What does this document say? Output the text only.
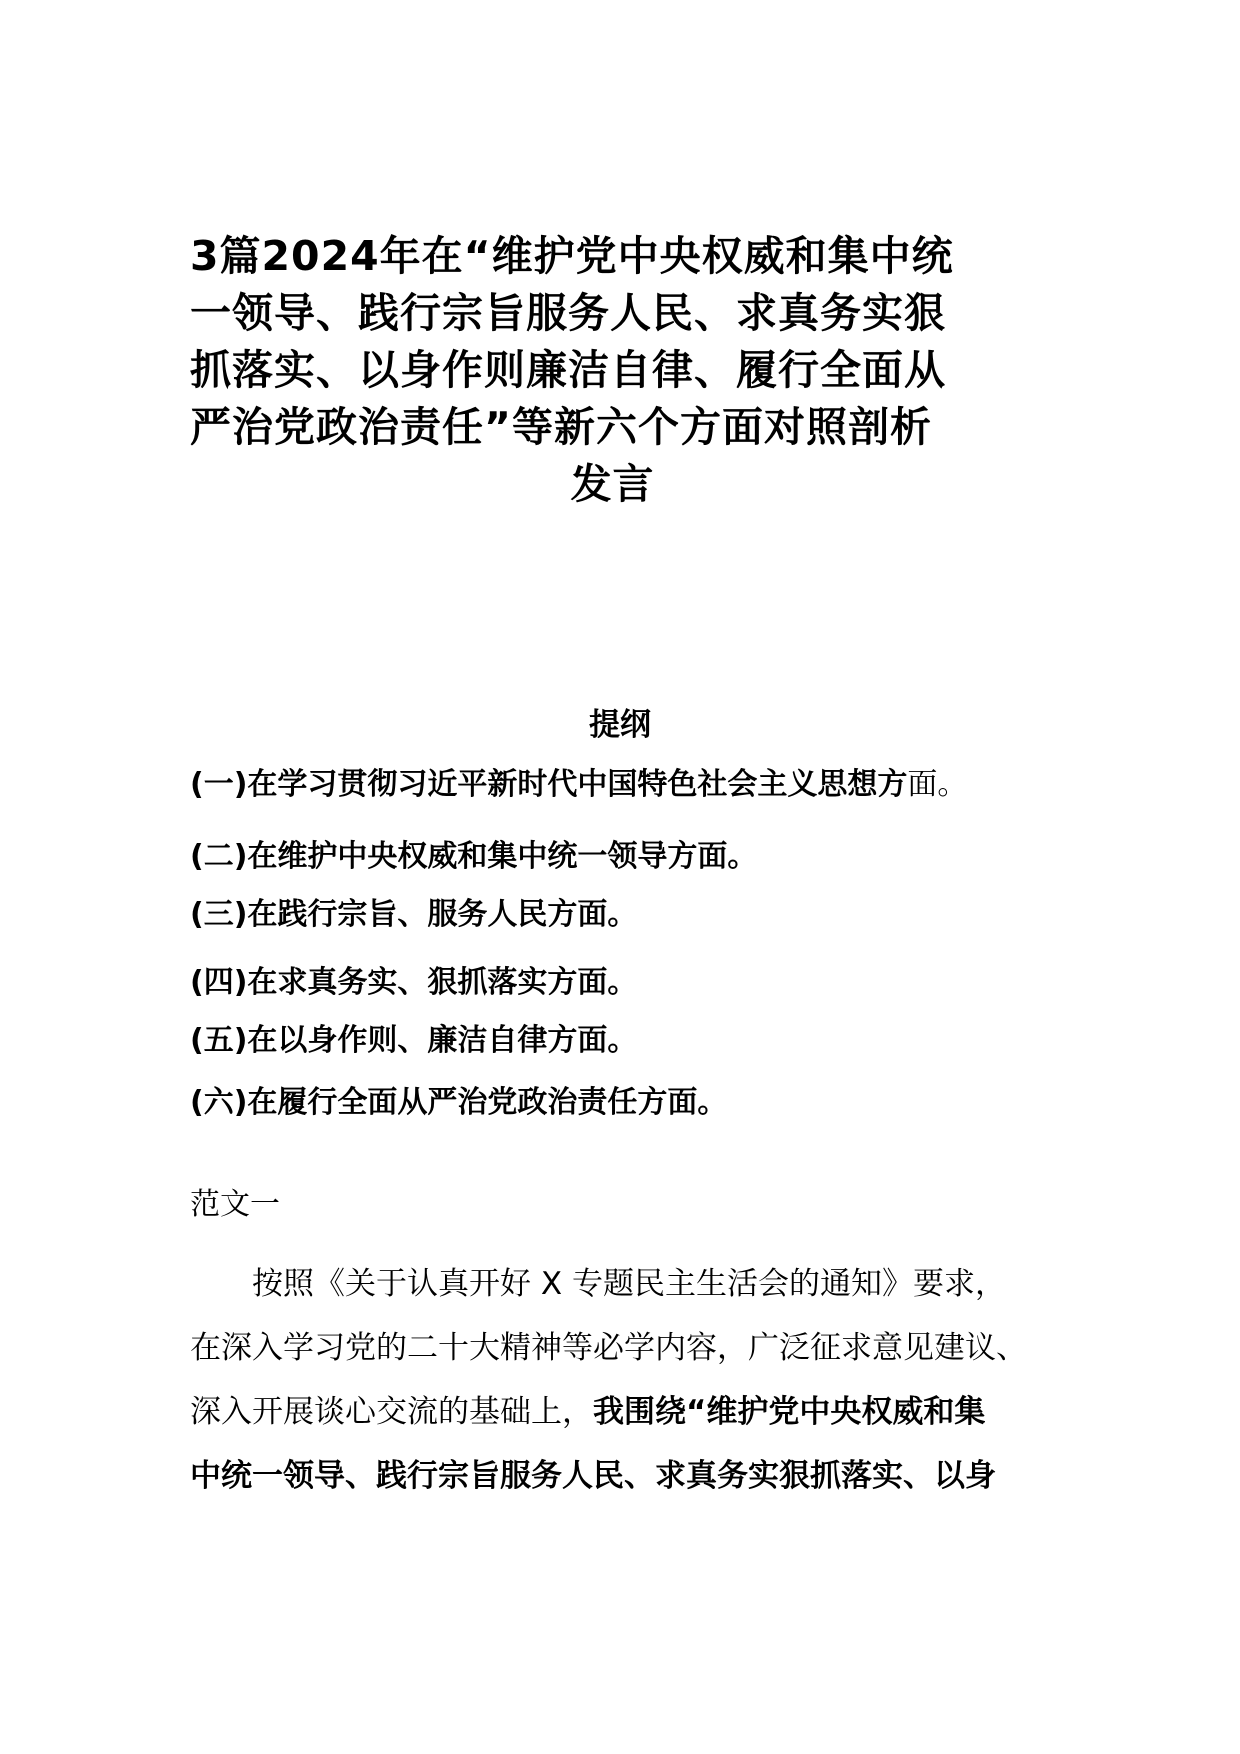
3篇2024年在“维护党中央权威和集中统
一领导、践行宗旨服务人民、求真务实狠
抓落实、以身作则廉洁自律、履行全面从
严治党政治责任”等新六个方面对照剖析
发言
提纲
(一)在学习贯彻习近平新时代中国特色社会主义思想方面。
(二)在维护中央权威和集中统一领导方面。
(三)在践行宗旨、服务人民方面。
(四)在求真务实、狠抓落实方面。
(五)在以身作则、廉洁自律方面。
(六)在履行全面从严治党政治责任方面。
范文一
　　按照《关于认真开好 X 专题民主生活会的通知》要求，
在深入学习党的二十大精神等必学内容，广泛征求意见建议、
深入开展谈心交流的基础上，我围绕“维护党中央权威和集
中统一领导、践行宗旨服务人民、求真务实狠抓落实、以身
